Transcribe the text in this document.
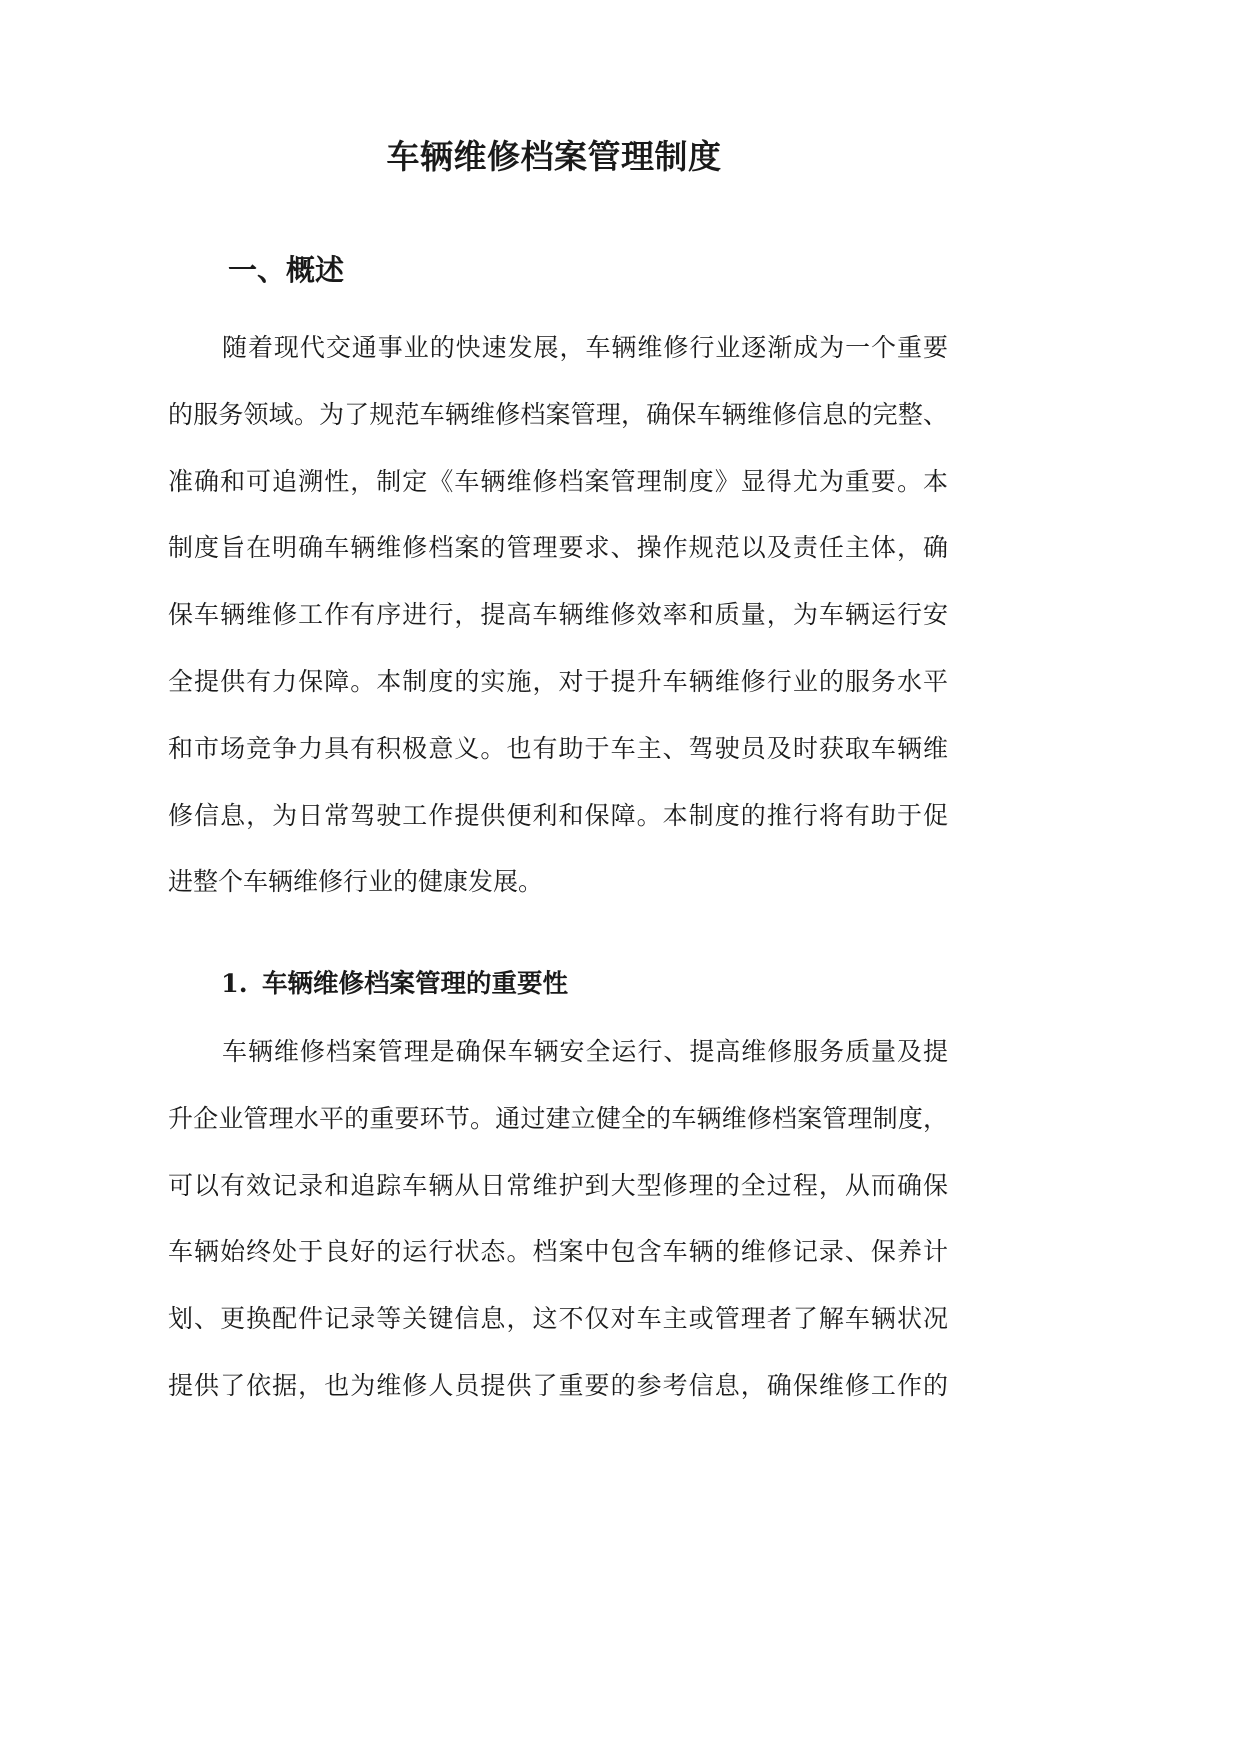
车辆维修档案管理制度
一、概述
随着现代交通事业的快速发展，车辆维修行业逐渐成为一个重要
的服务领域。为了规范车辆维修档案管理，确保车辆维修信息的完整、
准确和可追溯性，制定《车辆维修档案管理制度》显得尤为重要。本
制度旨在明确车辆维修档案的管理要求、操作规范以及责任主体，确
保车辆维修工作有序进行，提高车辆维修效率和质量，为车辆运行安
全提供有力保障。本制度的实施，对于提升车辆维修行业的服务水平
和市场竞争力具有积极意义。也有助于车主、驾驶员及时获取车辆维
修信息，为日常驾驶工作提供便利和保障。本制度的推行将有助于促
进整个车辆维修行业的健康发展。
1. 车辆维修档案管理的重要性
车辆维修档案管理是确保车辆安全运行、提高维修服务质量及提
升企业管理水平的重要环节。通过建立健全的车辆维修档案管理制度，
可以有效记录和追踪车辆从日常维护到大型修理的全过程，从而确保
车辆始终处于良好的运行状态。档案中包含车辆的维修记录、保养计
划、更换配件记录等关键信息，这不仅对车主或管理者了解车辆状况
提供了依据，也为维修人员提供了重要的参考信息，确保维修工作的
